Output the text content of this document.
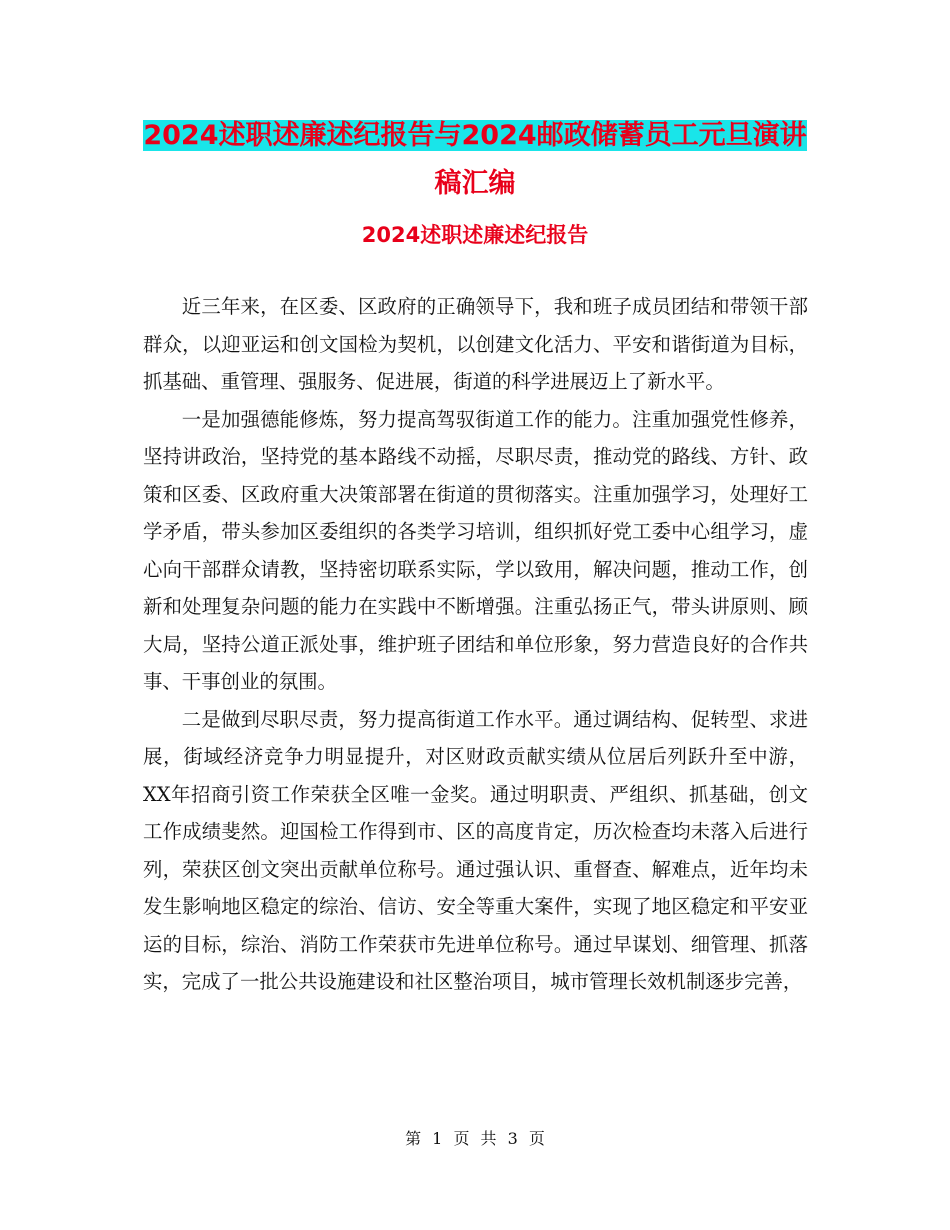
2024述职述廉述纪报告与2024邮政储蓄员工元旦演讲
稿汇编
2024述职述廉述纪报告

近三年来，在区委、区政府的正确领导下，我和班子成员团结和带领干部群众，以迎亚运和创文国检为契机，以创建文化活力、平安和谐街道为目标，抓基础、重管理、强服务、促进展，街道的科学进展迈上了新水平。

一是加强德能修炼，努力提高驾驭街道工作的能力。注重加强党性修养，坚持讲政治，坚持党的基本路线不动摇，尽职尽责，推动党的路线、方针、政策和区委、区政府重大决策部署在街道的贯彻落实。注重加强学习，处理好工学矛盾，带头参加区委组织的各类学习培训，组织抓好党工委中心组学习，虚心向干部群众请教，坚持密切联系实际，学以致用，解决问题，推动工作，创新和处理复杂问题的能力在实践中不断增强。注重弘扬正气，带头讲原则、顾大局，坚持公道正派处事，维护班子团结和单位形象，努力营造良好的合作共事、干事创业的氛围。

二是做到尽职尽责，努力提高街道工作水平。通过调结构、促转型、求进展，街域经济竞争力明显提升，对区财政贡献实绩从位居后列跃升至中游，XX年招商引资工作荣获全区唯一金奖。通过明职责、严组织、抓基础，创文工作成绩斐然。迎国检工作得到市、区的高度肯定，历次检查均未落入后进行列，荣获区创文突出贡献单位称号。通过强认识、重督查、解难点，近年均未发生影响地区稳定的综治、信访、安全等重大案件，实现了地区稳定和平安亚运的目标，综治、消防工作荣获市先进单位称号。通过早谋划、细管理、抓落实，完成了一批公共设施建设和社区整治项目，城市管理长效机制逐步完善，

第 1 页 共 3 页
